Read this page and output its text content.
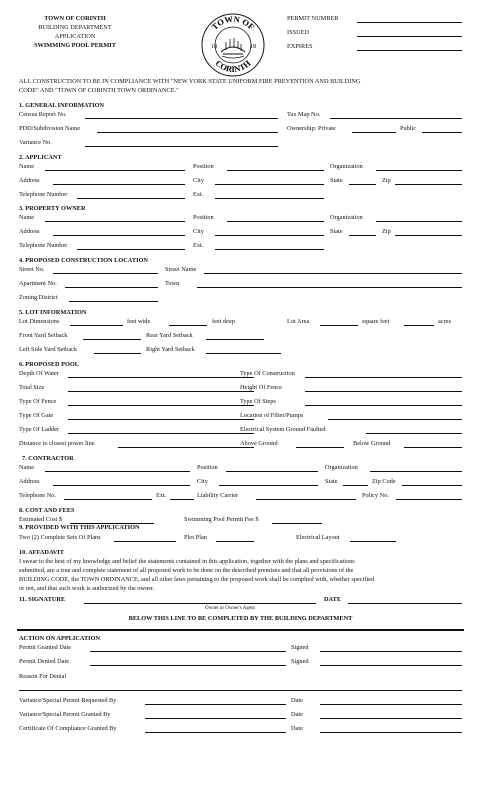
TOWN OF CORINTH
BUILDING DEPARTMENT
APPLICATION
SWIMMING POOL PERMIT
TOWN OF
CORINTH
18	18
PERMIT NUMBER
ISSUED
EXPIRES
ALL CONSTRUCTION TO BE IN COMPLIANCE WITH "NEW YORK STATE UNIFORM FIRE PREVENTION AND BUILDING
CODE" AND "TOWN OF CORINTH TOWN ORDINANCE."
1. GENERAL INFORMATION
Census Report No.	Tax Map No.
PDD/Subdivision Name	Ownership: Private	Public
Variance No.
2. APPLICANT
Name	Position	Organization
Address	City	State	Zip
Telephone Number	Ext.
3. PROPERTY OWNER
Name	Position	Organization
Address	City	State	Zip
Telephone Number	Ext.
4. PROPOSED CONSTRUCTION LOCATION
Street No.	Street Name
Apartment No.	Town
Zoning District
5. LOT INFORMATION
Lot Dimensions	feet wide	feet deep	Lot Area	square feet	acres
Front Yard Setback	Rear Yard Setback
Left Side Yard Setback	Right Yard Setback
6. PROPOSED POOL
Depth Of Water	Type Of Construction
Total Size	Height Of Fence
Type Of Fence	Type Of Steps
Type Of Gate	Location of Filter/Pumps
Type Of Ladder	Electrical System Ground Faulted
Distance to closest power line	Above Ground	Below Ground
7. CONTRACTOR
Name	Position	Organization
Address	City	State	Zip Code
Telephone No.	Ext.	Liability Carrier	Policy No.
8. COST AND FEES
Estimated Cost $	Swimming Pool Permit Fee $
9. PROVIDED WITH THIS APPLICATION
Two (2) Complete Sets Of Plans	Plot Plan	Electrical Layout
10. AFFADAVIT
I swear to the best of my knowledge and belief the statements contained in this application, together with the plans and specifications
submitted, are a true and complete statement of all proposed work to be done on the described premises and that all provisions of the
BUILDING CODE, the TOWN ORDINANCE, and all other laws pertaining to the proposed work shall be complied with, whether specified
or not, and that such work is authorized by the owner.
11. SIGNATURE	DATE
Owner or Owner's Agent
BELOW THIS LINE TO BE COMPLETED BY THE BUILDING DEPARTMENT
ACTION ON APPLICATION
Permit Granted Date	Signed
Permit Denied Date	Signed
Reason For Denial
Variance/Special Permit Requested By	Date
Variance/Special Permit Granted By	Date
Certificate Of Compliance Granted By	Date
